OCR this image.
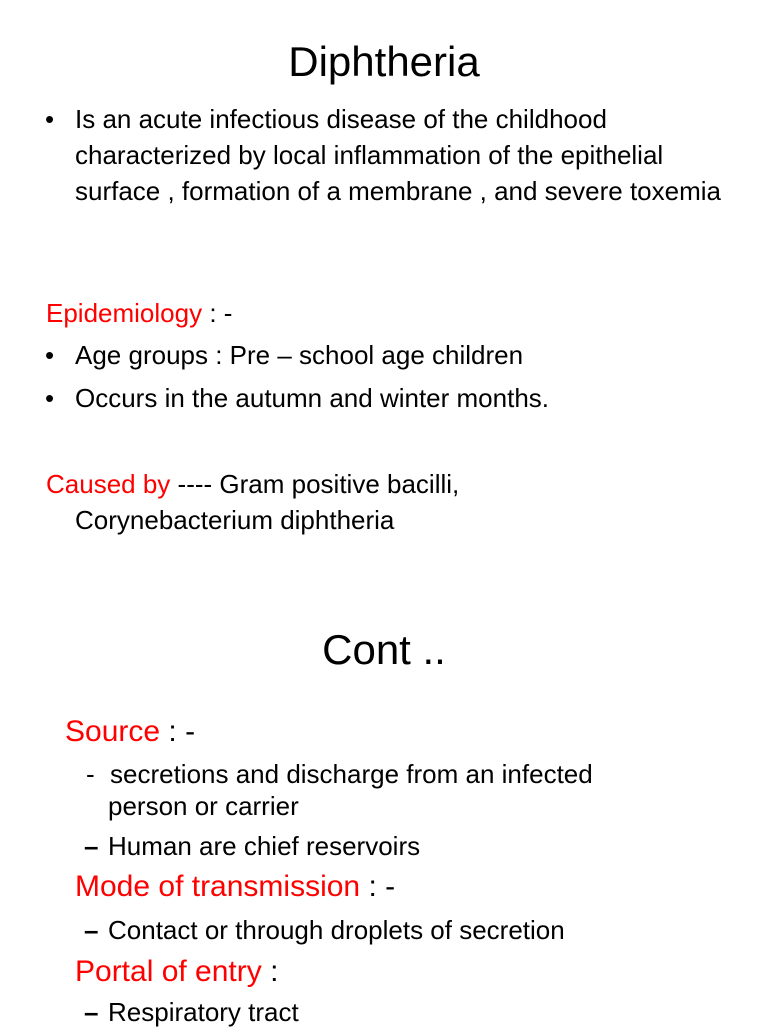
Diphtheria
• Is an acute infectious disease of the childhood characterized by local inflammation of the epithelial surface , formation of a membrane , and severe toxemia
Epidemiology : -
• Age groups : Pre – school age children
• Occurs in the autumn and winter months.
Caused by ---- Gram positive bacilli,
Corynebacterium diphtheria
Cont ..
Source : -
- secretions and discharge from an infected
person or carrier
– Human are chief reservoirs
Mode of transmission : -
– Contact or through droplets of secretion
Portal of entry :
– Respiratory tract
